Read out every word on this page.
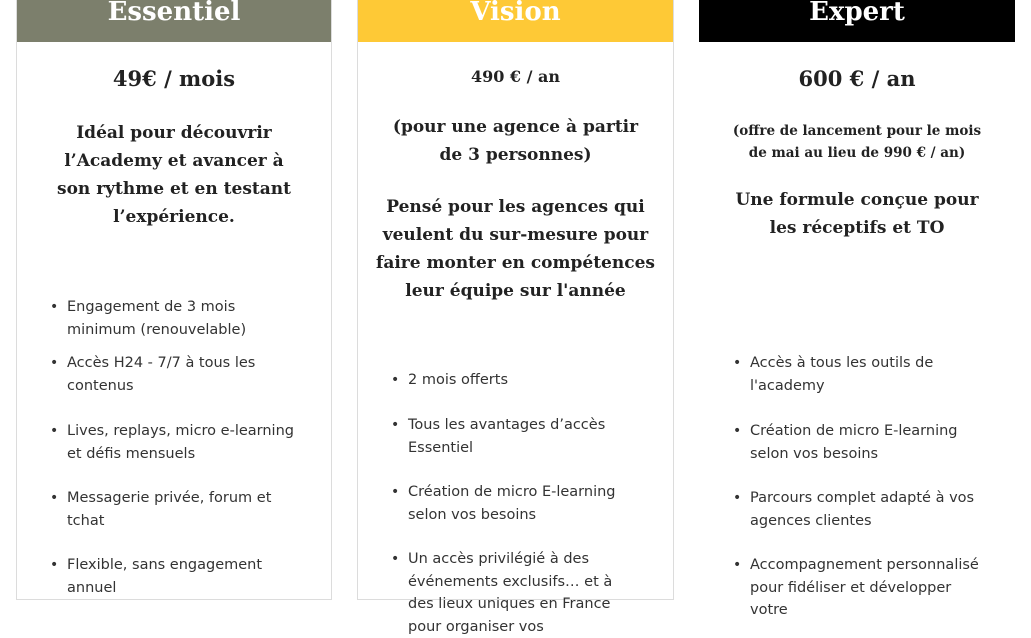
Essentiel
49€ / mois
Idéal pour découvrir l’Academy et avancer à son rythme et en testant l’expérience.
• Engagement de 3 mois minimum (renouvelable)
• Accès H24 - 7/7 à tous les contenus
• Lives, replays, micro e-learning et défis mensuels
• Messagerie privée, forum et tchat
• Flexible, sans engagement annuel
Vision
490 € / an
(pour une agence à partir de 3 personnes)
Pensé pour les agences qui veulent du sur-mesure pour faire monter en compétences leur équipe sur l'année
• 2 mois offerts
• Tous les avantages d’accès Essentiel
• Création de micro E-learning selon vos besoins
• Un accès privilégié à des événements exclusifs… et à des lieux uniques en France pour organiser vos
Expert
600 € / an
(offre de lancement pour le mois de mai au lieu de 990 € / an)
Une formule conçue pour les réceptifs et TO
• Accès à tous les outils de l'academy
• Création de micro E-learning selon vos besoins
• Parcours complet adapté à vos agences clientes
• Accompagnement personnalisé pour fidéliser et développer votre
